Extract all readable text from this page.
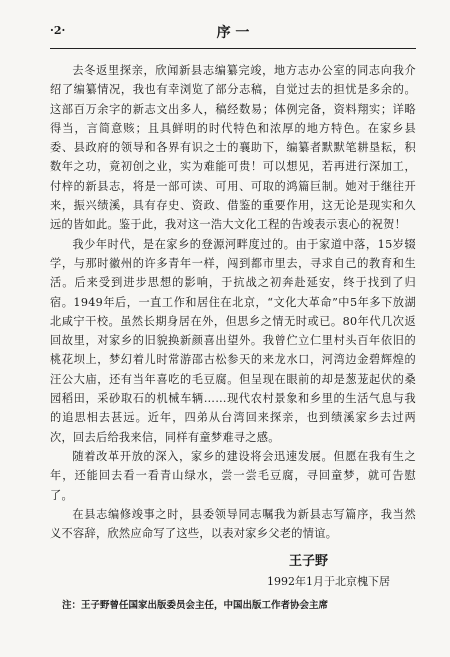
·2·	序 一

去冬返里探亲，欣闻新县志编纂完竣，地方志办公室的同志向我介绍了编纂情况，我也有幸浏览了部分志稿，自觉过去的担忧是多余的。这部百万余字的新志文出多人，稿经数易；体例完备，资料翔实；详略得当，言简意赅；且具鲜明的时代特色和浓厚的地方特色。在家乡县委、县政府的领导和各界有识之士的襄助下，编纂者默默笔耕垦耘，积数年之功，竟初创之业，实为难能可贵！可以想见，若再进行深加工，付梓的新县志，将是一部可读、可用、可取的鸿篇巨制。她对于继往开来，振兴绩溪，具有存史、资政、借鉴的重要作用，这无论是现实和久远的皆如此。鉴于此，我对这一浩大文化工程的告竣表示衷心的祝贺！

我少年时代，是在家乡的登源河畔度过的。由于家道中落，15岁辍学，与那时徽州的许多青年一样，闯到都市里去，寻求自己的教育和生活。后来受到进步思想的影响，于抗战之初奔赴延安，终于找到了归宿。1949年后，一直工作和居住在北京，“文化大革命”中5年多下放湖北咸宁干校。虽然长期身居在外，但思乡之情无时或已。80年代几次返回故里，对家乡的旧貌换新颜喜出望外。我曾伫立仁里村头百年依旧的桃花坝上，梦幻着儿时常游邵古松参天的来龙水口，河湾边金碧辉煌的汪公大庙，还有当年喜吃的毛豆腐。但呈现在眼前的却是葱茏起伏的桑园稻田，采砂取石的机械车辆……现代农村景象和乡里的生活气息与我的追思相去甚远。近年，四弟从台湾回来探亲，也到绩溪家乡去过两次，回去后给我来信，同样有童梦难寻之感。

随着改革开放的深入，家乡的建设将会迅速发展。但愿在我有生之年，还能回去看一看青山绿水，尝一尝毛豆腐，寻回童梦，就可告慰了。

在县志编修竣事之时，县委领导同志嘱我为新县志写篇序，我当然义不容辞，欣然应命写了这些，以表对家乡父老的情谊。

王子野
1992年1月于北京槐下居
注：王子野曾任国家出版委员会主任，中国出版工作者协会主席
